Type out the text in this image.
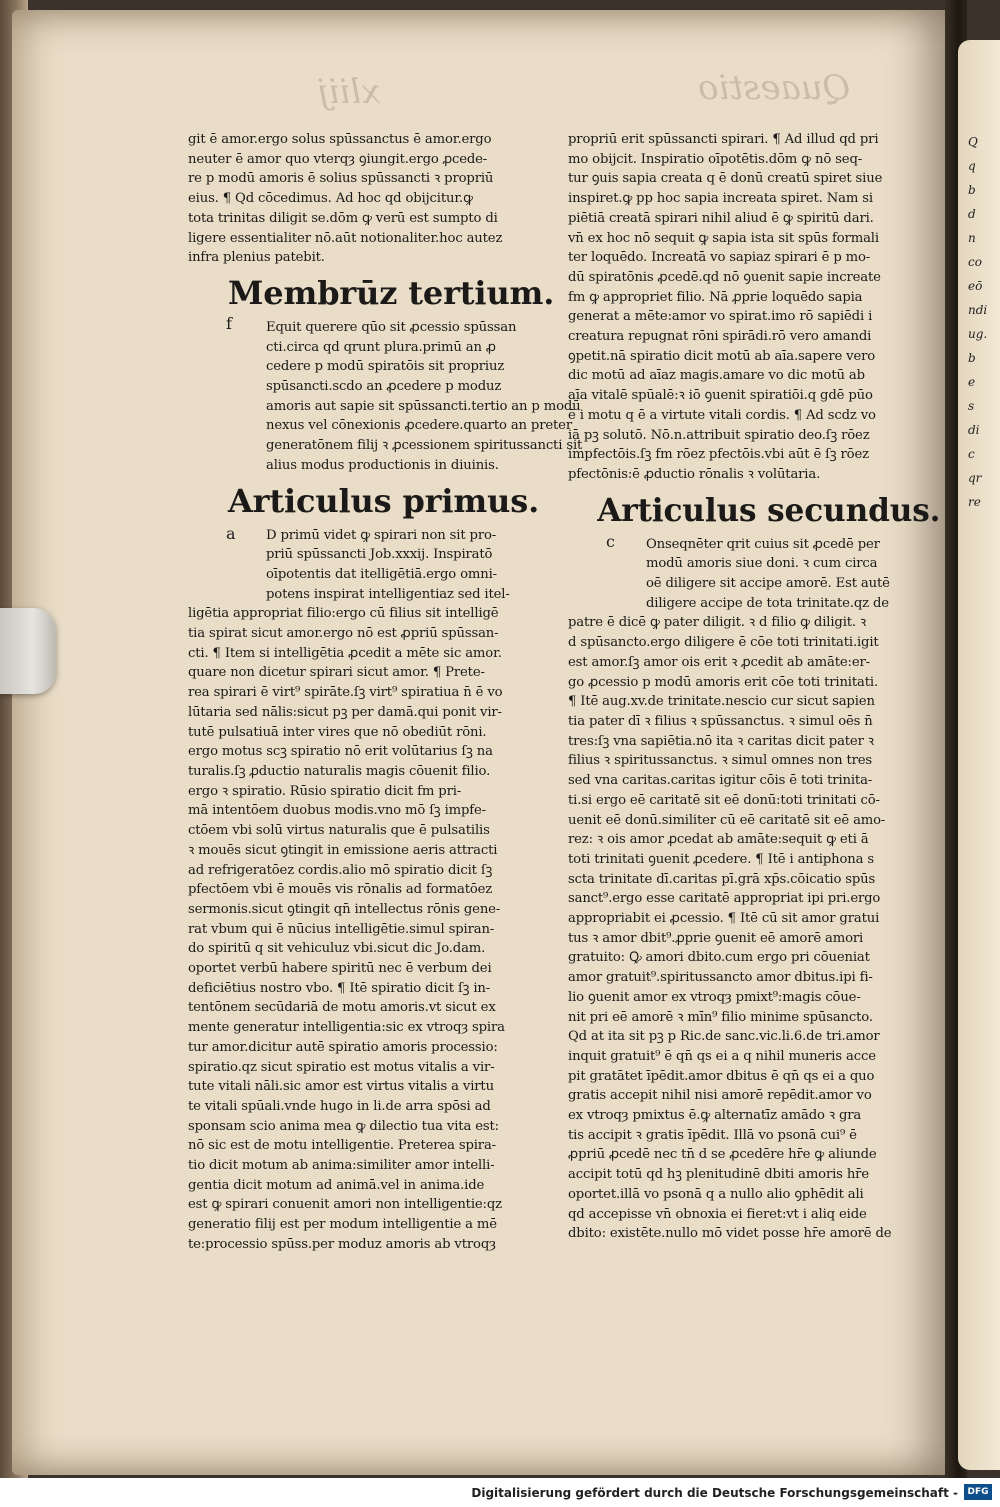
Q
q
b
d
n
co
eō
ndi
ug.
b
e
s
di
c
qr
re
xliij	Quaestio

git ē amor.ergo solus spūssanctus ē amor.ergo

neuter ē amor quo vterqȝ ꝯiungit.ergo ꝓcede-

re p modū amoris ē solius spūssancti ꝛ propriū

eius. ¶ Qd cōcedimus. Ad hoc qd obijcitur.ꝙ

tota trinitas diligit se.dōm ꝙ verū est sumpto di

ligere essentialiter nō.aūt notionaliter.hoc autez

infra plenius patebit.

Membrūz tertium.

Equit querere qūo sit ꝓcessio spūssan

cti.circa qd qrunt plura.primū an ꝓ

cedere p modū spiratōis sit propriuz

spūsancti.scdo an ꝓcedere p moduz

amoris aut sapie sit spūssancti.tertio an p modū

nexus vel cōnexionis ꝓcedere.quarto an preter

generatōnem filij ꝛ ꝓcessionem spiritussancti sit

alius modus productionis in diuinis.

Articulus primus.

D primū videt ꝙ spirari non sit pro-

priū spūssancti Job.xxxij. Inspiratō

oīpotentis dat itelligētiā.ergo omni-

potens inspirat intelligentiaz sed itel-

ligētia appropriat filio:ergo cū filius sit intelligē

tia spirat sicut amor.ergo nō est ꝓpriū spūssan-

cti. ¶ Item si intelligētia ꝓcedit a mēte sic amor.

quare non dicetur spirari sicut amor. ¶ Prete-

rea spirari ē virt⁹ spirāte.ſꝫ virt⁹ spiratiua n̄ ē vo

lūtaria sed nālis:sicut pꝫ per damā.qui ponit vir-

tutē pulsatiuā inter vires que nō obediūt rōni.

ergo motus scꝫ spiratio nō erit volūtarius ſꝫ na

turalis.ſꝫ ꝓductio naturalis magis cōuenit filio.

ergo ꝛ spiratio. Rūsio spiratio dicit fm pri-

mā intentōem duobus modis.vno mō ſꝫ impfe-

ctōem vbi solū virtus naturalis que ē pulsatilis

ꝛ mouēs sicut ꝯtingit in emissione aeris attracti

ad refrigeratōez cordis.alio mō spiratio dicit ſꝫ

pfectōem vbi ē mouēs vis rōnalis ad formatōez

sermonis.sicut ꝯtingit qn̄ intellectus rōnis gene-

rat vbum qui ē nūcius intelligētie.simul spiran-

do spiritū q sit vehiculuz vbi.sicut dic Jo.dam.

oportet verbū habere spiritū nec ē verbum dei

deficiētius nostro vbo. ¶ Itē spiratio dicit ſꝫ in-

tentōnem secūdariā de motu amoris.vt sicut ex

mente generatur intelligentia:sic ex vtroqȝ spira

tur amor.dicitur autē spiratio amoris processio:

spiratio.qz sicut spiratio est motus vitalis a vir-

tute vitali nāli.sic amor est virtus vitalis a virtu

te vitali spūali.vnde hugo in li.de arra spōsi ad

sponsam scio anima mea ꝙ dilectio tua vita est:

nō sic est de motu intelligentie. Preterea spira-

tio dicit motum ab anima:similiter amor intelli-

gentia dicit motum ad animā.vel in anima.ide

est ꝙ spirari conuenit amori non intelligentie:qz

generatio filij est per modum intelligentie a mē

te:processio spūss.per moduz amoris ab vtroqȝ

f
a

propriū erit spūssancti spirari. ¶ Ad illud qd pri

mo obijcit. Inspiratio oīpotētis.dōm ꝙ nō seq-

tur ꝯuis sapia creata q ē donū creatū spiret siue

inspiret.ꝙ pp hoc sapia increata spiret. Nam si

piētiā creatā spirari nihil aliud ē ꝙ spiritū dari.

vn̄ ex hoc nō sequit ꝙ sapia ista sit spūs formali

ter loquēdo. Increatā vo sapiaz spirari ē p mo-

dū spiratōnis ꝓcedē.qd nō ꝯuenit sapie increate

fm ꝙ appropriet filio. Nā ꝓprie loquēdo sapia

generat a mēte:amor vo spirat.imo rō sapiēdi i

creatura repugnat rōni spirādi.rō vero amandi

ꝯpetit.nā spiratio dicit motū ab aīa.sapere vero

dic motū ad aīaz magis.amare vo dic motū ab

aīa vitalē spūalē:ꝛ iō ꝯuenit spiratiōi.q gdē pūo

ē i motu q ē a virtute vitali cordis. ¶ Ad scdz vo

iā pꝫ solutō. Nō.n.attribuit spiratio deo.ſꝫ rōez

impfectōis.ſꝫ fm rōez pfectōis.vbi aūt ē ſꝫ rōez

pfectōnis:ē ꝓductio rōnalis ꝛ volūtaria.

Articulus secundus.

Onseqnēter qrit cuius sit ꝓcedē per

modū amoris siue doni. ꝛ cum circa

oē diligere sit accipe amorē. Est autē

diligere accipe de tota trinitate.qz de

patre ē dicē ꝙ pater diligit. ꝛ d filio ꝙ diligit. ꝛ

d spūsancto.ergo diligere ē cōe toti trinitati.igit

est amor.ſꝫ amor ois erit ꝛ ꝓcedit ab amāte:er-

go ꝓcessio p modū amoris erit cōe toti trinitati.

¶ Itē aug.xv.de trinitate.nescio cur sicut sapien

tia pater dī ꝛ filius ꝛ spūssanctus. ꝛ simul oēs n̄

tres:ſꝫ vna sapiētia.nō ita ꝛ caritas dicit pater ꝛ

filius ꝛ spiritussanctus. ꝛ simul omnes non tres

sed vna caritas.caritas igitur cōis ē toti trinita-

ti.si ergo eē caritatē sit eē donū:toti trinitati cō-

uenit eē donū.similiter cū eē caritatē sit eē amo-

rez: ꝛ ois amor ꝓcedat ab amāte:sequit ꝙ eti ā

toti trinitati ꝯuenit ꝓcedere. ¶ Itē i antiphona s

scta trinitate dī.caritas pī.grā xp̄s.cōicatio spūs

sanct⁹.ergo esse caritatē appropriat ipi pri.ergo

appropriabit ei ꝓcessio. ¶ Itē cū sit amor gratui

tus ꝛ amor dbit⁹.ꝓprie ꝯuenit eē amorē amori

gratuito: Ꝙ amori dbito.cum ergo pri cōueniat

amor gratuit⁹.spiritussancto amor dbitus.ipi fi-

lio ꝯuenit amor ex vtroqȝ pmixt⁹:magis cōue-

nit pri eē amorē ꝛ mīn⁹ filio minime spūsancto.

Qd at ita sit pꝫ p Ric.de sanc.vic.li.6.de tri.amor

inquit gratuit⁹ ē qn̄ qs ei a q nihil muneris acce

pit gratātet īpēdit.amor dbitus ē qn̄ qs ei a quo

gratis accepit nihil nisi amorē repēdit.amor vo

ex vtroqȝ pmixtus ē.ꝙ alternatīz amādo ꝛ gra

tis accipit ꝛ gratis īpēdit. Illā vo psonā cui⁹ ē

ꝓpriū ꝓcedē nec tn̄ d se ꝓcedēre hr̄e ꝙ aliunde

accipit totū qd hꝫ plenitudinē dbiti amoris hr̄e

oportet.illā vo psonā q a nullo alio ꝯphēdit ali

qd accepisse vn̄ obnoxia ei fieret:vt i aliq eide

dbito: existēte.nullo mō videt posse hr̄e amorē de

c
Digitalisierung gefördert durch die Deutsche Forschungsgemeinschaft -	DFG
